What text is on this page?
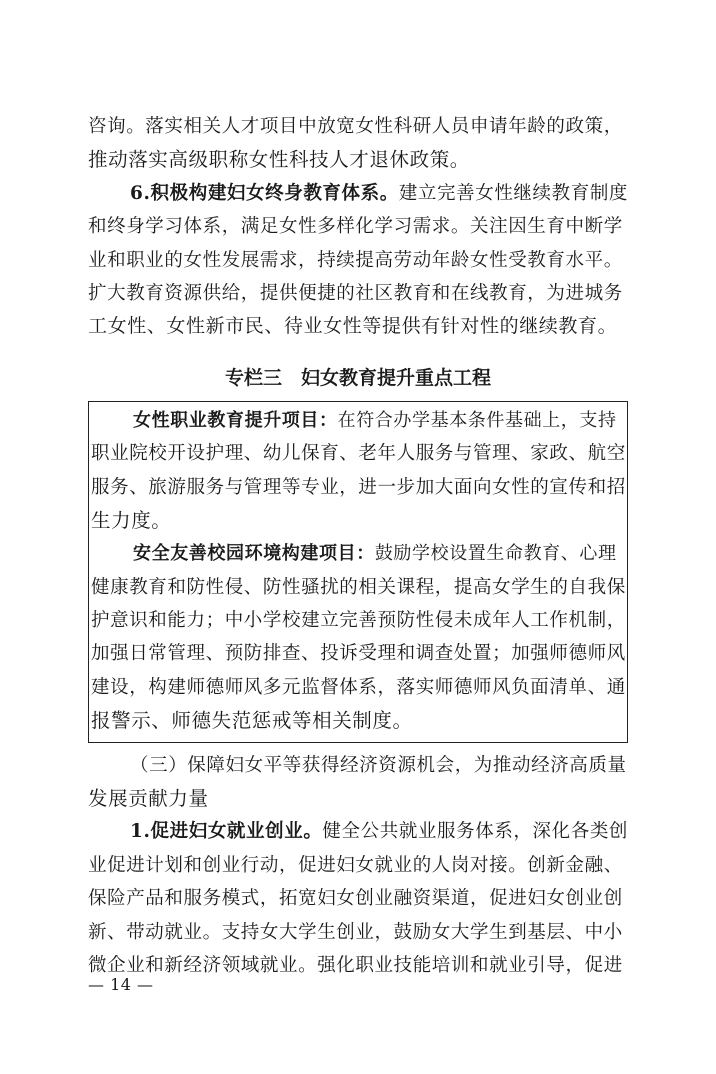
咨询。落实相关人才项目中放宽女性科研人员申请年龄的政策，
推动落实高级职称女性科技人才退休政策。
6.积极构建妇女终身教育体系。建立完善女性继续教育制度
和终身学习体系，满足女性多样化学习需求。关注因生育中断学
业和职业的女性发展需求，持续提高劳动年龄女性受教育水平。
扩大教育资源供给，提供便捷的社区教育和在线教育，为进城务
工女性、女性新市民、待业女性等提供有针对性的继续教育。
专栏三　妇女教育提升重点工程
女性职业教育提升项目：在符合办学基本条件基础上，支持
职业院校开设护理、幼儿保育、老年人服务与管理、家政、航空
服务、旅游服务与管理等专业，进一步加大面向女性的宣传和招
生力度。
安全友善校园环境构建项目：鼓励学校设置生命教育、心理
健康教育和防性侵、防性骚扰的相关课程，提高女学生的自我保
护意识和能力；中小学校建立完善预防性侵未成年人工作机制，
加强日常管理、预防排查、投诉受理和调查处置；加强师德师风
建设，构建师德师风多元监督体系，落实师德师风负面清单、通
报警示、师德失范惩戒等相关制度。
（三）保障妇女平等获得经济资源机会，为推动经济高质量
发展贡献力量
1.促进妇女就业创业。健全公共就业服务体系，深化各类创
业促进计划和创业行动，促进妇女就业的人岗对接。创新金融、
保险产品和服务模式，拓宽妇女创业融资渠道，促进妇女创业创
新、带动就业。支持女大学生创业，鼓励女大学生到基层、中小
微企业和新经济领域就业。强化职业技能培训和就业引导，促进
— 14 —
